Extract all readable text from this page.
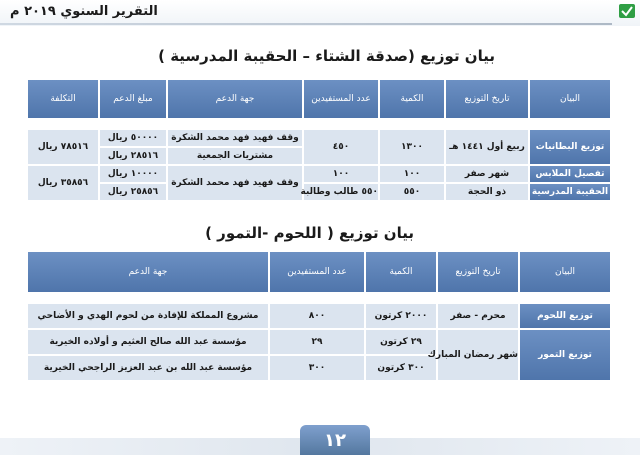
التقرير السنوي ٢٠١٩ م
بيان توزيع (صدقة الشتاء – الحقيبة المدرسية )
البيان	تاريخ التوزيع	الكمية	عدد المستفيدين	جهة الدعم	مبلغ الدعم	التكلفة

توزيع البطانيات	ربيع أول ١٤٤١ هـ	١٣٠٠	٤٥٠	وقف فهيد فهد محمد الشكرة	٥٠٠٠٠ ريال	٧٨٥١٦ ريال
				مشتريات الجمعية	٢٨٥١٦ ريال	
تفصيل الملابس	شهر صفر	١٠٠	١٠٠	وقف فهيد فهد محمد الشكرة	١٠٠٠٠ ريال	٣٥٨٥٦ ريال
الحقيبة المدرسية	ذو الحجة	٥٥٠	٥٥٠ طالب وطالبة		٢٥٨٥٦ ريال	
بيان توزيع ( اللحوم -التمور )
البيان	تاريخ التوزيع	الكمية	عدد المستفيدين	جهة الدعم

توزيع اللحوم	محرم - صفر	٢٠٠٠ كرتون	٨٠٠	مشروع المملكة للإفادة من لحوم الهدي و الأضاحي
توزيع التمور	شهر رمضان المبارك	٢٩ كرتون	٢٩	مؤسسة عبد الله صالح العثيم و أولاده الخيرية
		٣٠٠ كرتون	٣٠٠	مؤسسة عبد الله بن عبد العزيز الراجحي الخيرية
١٢
